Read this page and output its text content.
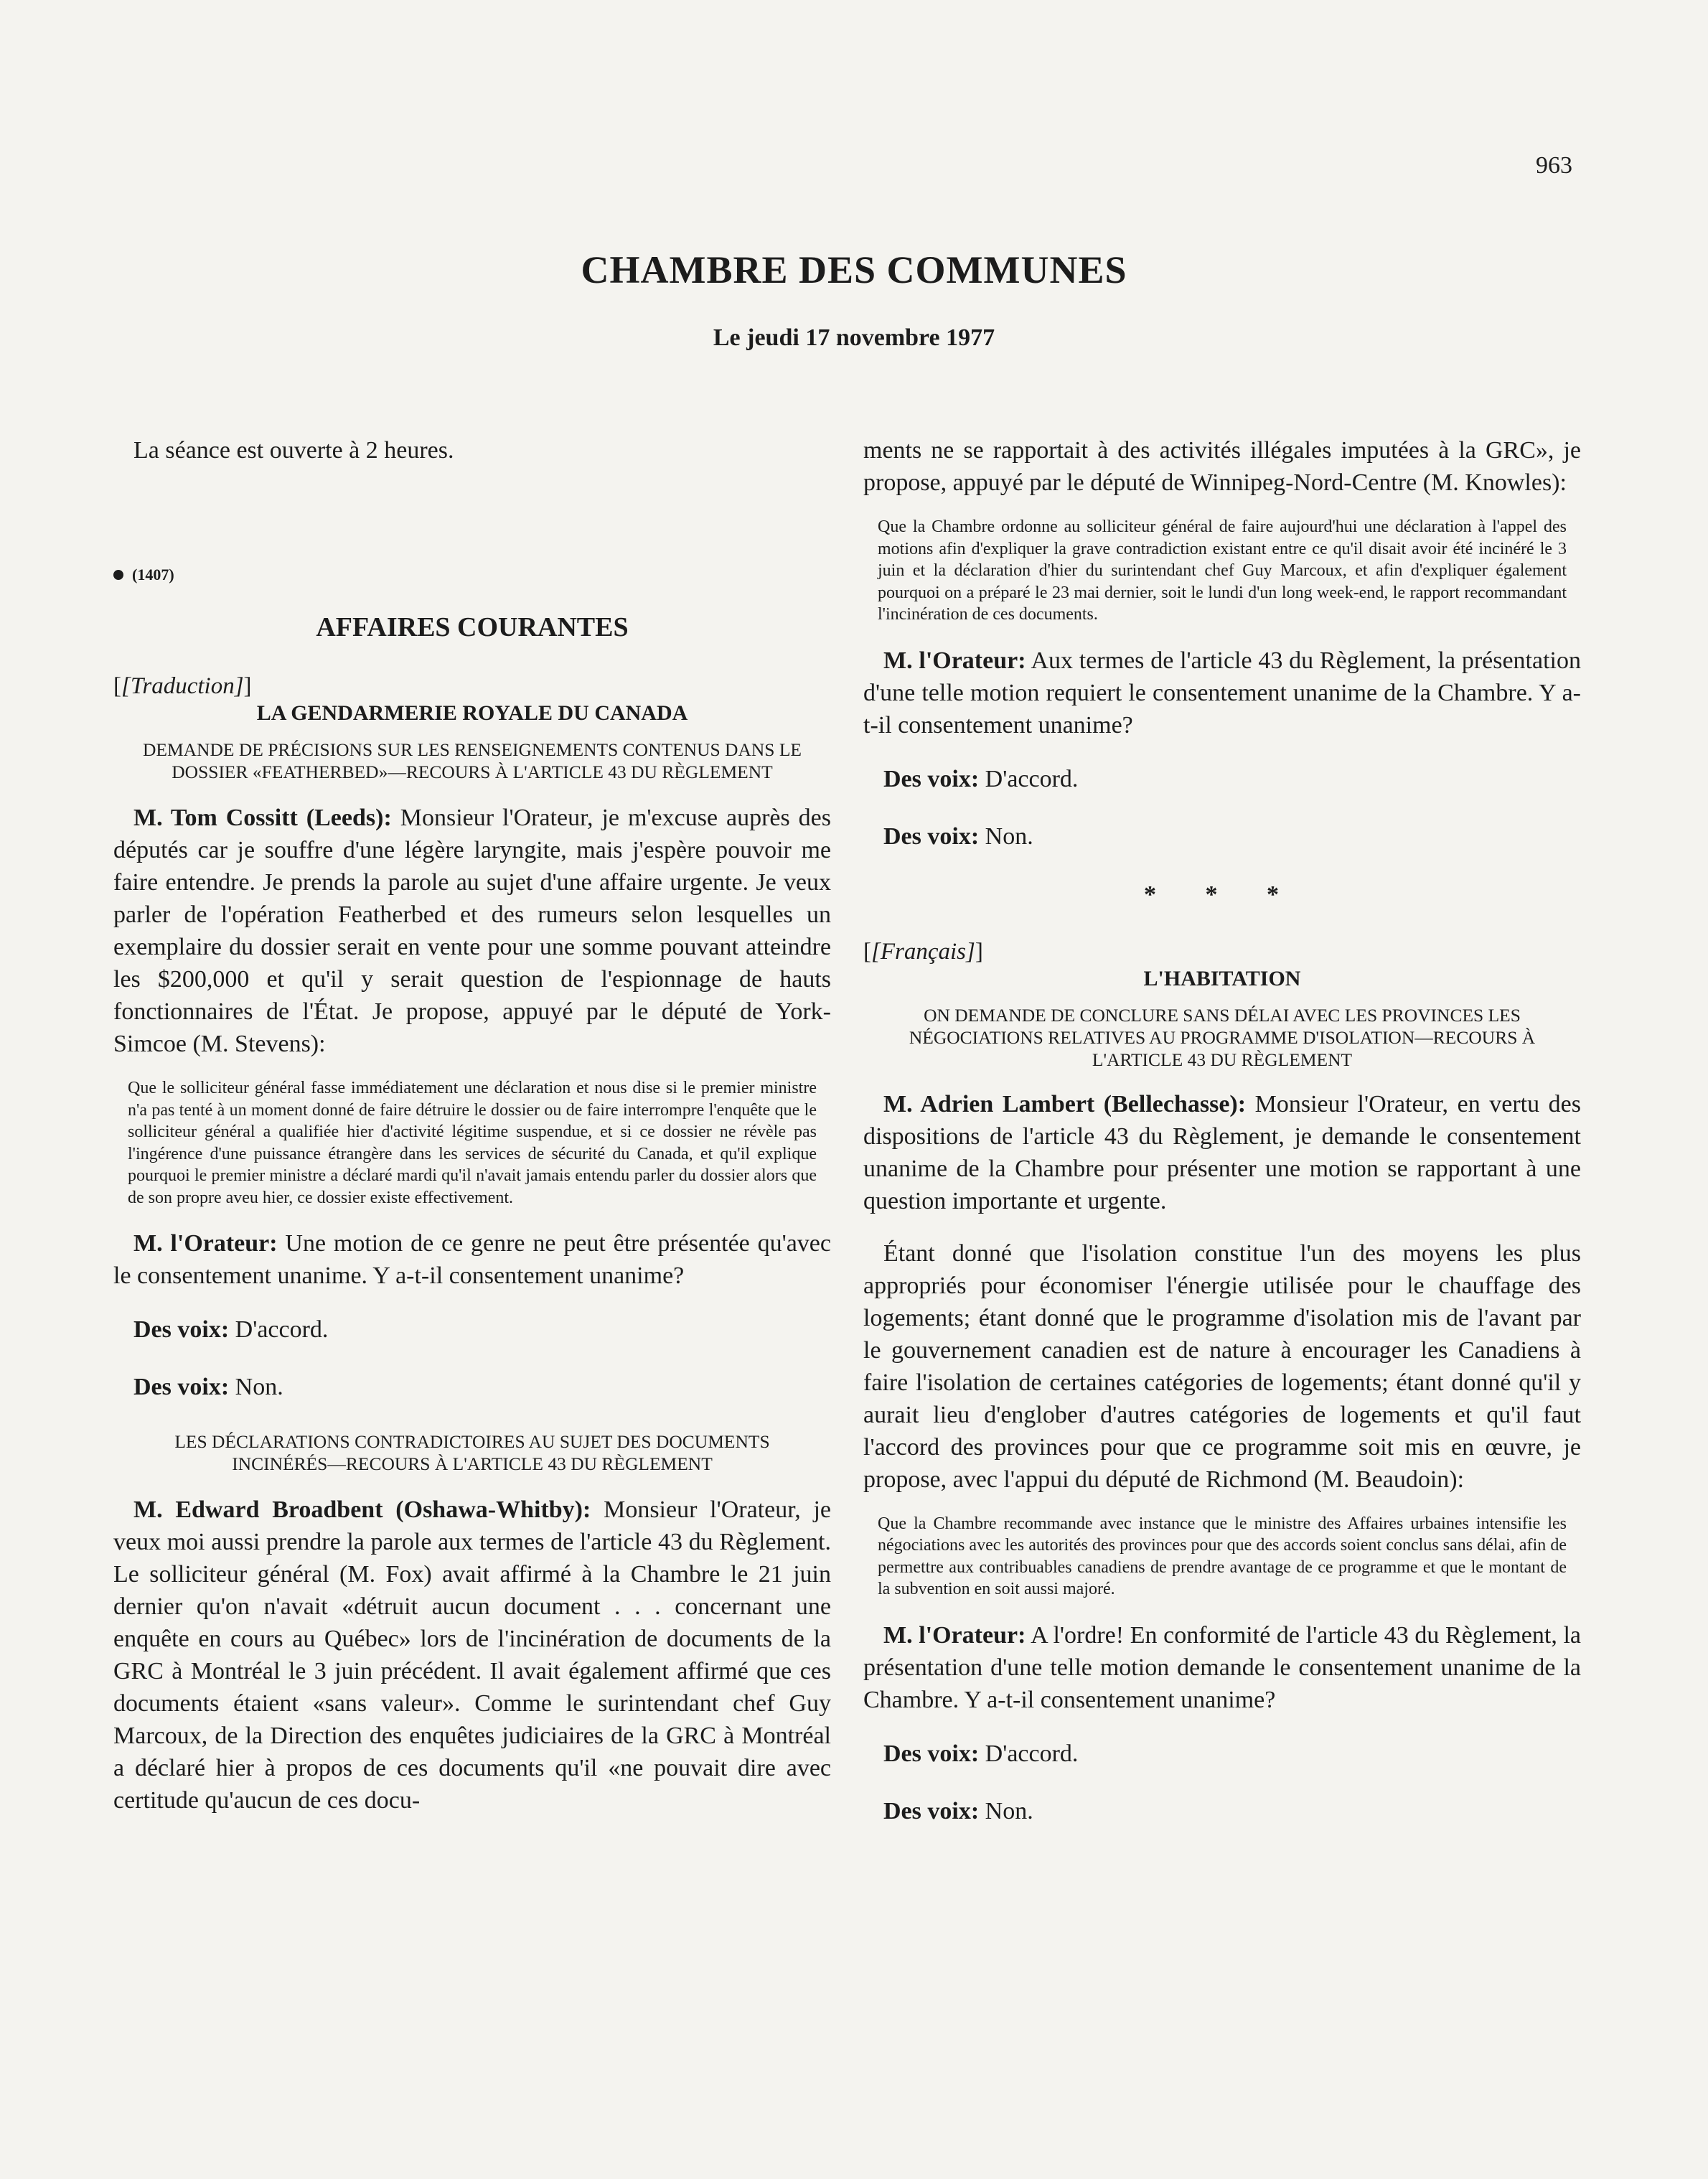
963
CHAMBRE DES COMMUNES
Le jeudi 17 novembre 1977

La séance est ouverte à 2 heures.

(1407)

AFFAIRES COURANTES

[[Traduction]]

LA GENDARMERIE ROYALE DU CANADA

DEMANDE DE PRÉCISIONS SUR LES RENSEIGNEMENTS CONTENUS DANS LE DOSSIER «FEATHERBED»—RECOURS À L'ARTICLE 43 DU RÈGLEMENT

M. Tom Cossitt (Leeds): Monsieur l'Orateur, je m'excuse auprès des députés car je souffre d'une légère laryngite, mais j'espère pouvoir me faire entendre. Je prends la parole au sujet d'une affaire urgente. Je veux parler de l'opération Featherbed et des rumeurs selon lesquelles un exemplaire du dossier serait en vente pour une somme pouvant atteindre les $200,000 et qu'il y serait question de l'espionnage de hauts fonctionnaires de l'État. Je propose, appuyé par le député de York-Simcoe (M. Stevens):

Que le solliciteur général fasse immédiatement une déclaration et nous dise si le premier ministre n'a pas tenté à un moment donné de faire détruire le dossier ou de faire interrompre l'enquête que le solliciteur général a qualifiée hier d'activité légitime suspendue, et si ce dossier ne révèle pas l'ingérence d'une puissance étrangère dans les services de sécurité du Canada, et qu'il explique pourquoi le premier ministre a déclaré mardi qu'il n'avait jamais entendu parler du dossier alors que de son propre aveu hier, ce dossier existe effectivement.

M. l'Orateur: Une motion de ce genre ne peut être présentée qu'avec le consentement unanime. Y a-t-il consentement unanime?

Des voix: D'accord.

Des voix: Non.

LES DÉCLARATIONS CONTRADICTOIRES AU SUJET DES DOCUMENTS INCINÉRÉS—RECOURS À L'ARTICLE 43 DU RÈGLEMENT

M. Edward Broadbent (Oshawa-Whitby): Monsieur l'Orateur, je veux moi aussi prendre la parole aux termes de l'article 43 du Règlement. Le solliciteur général (M. Fox) avait affirmé à la Chambre le 21 juin dernier qu'on n'avait «détruit aucun document . . . concernant une enquête en cours au Québec» lors de l'incinération de documents de la GRC à Montréal le 3 juin précédent. Il avait également affirmé que ces documents étaient «sans valeur». Comme le surintendant chef Guy Marcoux, de la Direction des enquêtes judiciaires de la GRC à Montréal a déclaré hier à propos de ces documents qu'il «ne pouvait dire avec certitude qu'aucun de ces docu-

ments ne se rapportait à des activités illégales imputées à la GRC», je propose, appuyé par le député de Winnipeg-Nord-Centre (M. Knowles):

Que la Chambre ordonne au solliciteur général de faire aujourd'hui une déclaration à l'appel des motions afin d'expliquer la grave contradiction existant entre ce qu'il disait avoir été incinéré le 3 juin et la déclaration d'hier du surintendant chef Guy Marcoux, et afin d'expliquer également pourquoi on a préparé le 23 mai dernier, soit le lundi d'un long week-end, le rapport recommandant l'incinération de ces documents.

M. l'Orateur: Aux termes de l'article 43 du Règlement, la présentation d'une telle motion requiert le consentement unanime de la Chambre. Y a-t-il consentement unanime?

Des voix: D'accord.

Des voix: Non.

* * *

[[Français]]

L'HABITATION

ON DEMANDE DE CONCLURE SANS DÉLAI AVEC LES PROVINCES LES NÉGOCIATIONS RELATIVES AU PROGRAMME D'ISOLATION—RECOURS À L'ARTICLE 43 DU RÈGLEMENT

M. Adrien Lambert (Bellechasse): Monsieur l'Orateur, en vertu des dispositions de l'article 43 du Règlement, je demande le consentement unanime de la Chambre pour présenter une motion se rapportant à une question importante et urgente.

Étant donné que l'isolation constitue l'un des moyens les plus appropriés pour économiser l'énergie utilisée pour le chauffage des logements; étant donné que le programme d'isolation mis de l'avant par le gouvernement canadien est de nature à encourager les Canadiens à faire l'isolation de certaines catégories de logements; étant donné qu'il y aurait lieu d'englober d'autres catégories de logements et qu'il faut l'accord des provinces pour que ce programme soit mis en œuvre, je propose, avec l'appui du député de Richmond (M. Beaudoin):

Que la Chambre recommande avec instance que le ministre des Affaires urbaines intensifie les négociations avec les autorités des provinces pour que des accords soient conclus sans délai, afin de permettre aux contribuables canadiens de prendre avantage de ce programme et que le montant de la subvention en soit aussi majoré.

M. l'Orateur: A l'ordre! En conformité de l'article 43 du Règlement, la présentation d'une telle motion demande le consentement unanime de la Chambre. Y a-t-il consentement unanime?

Des voix: D'accord.

Des voix: Non.
